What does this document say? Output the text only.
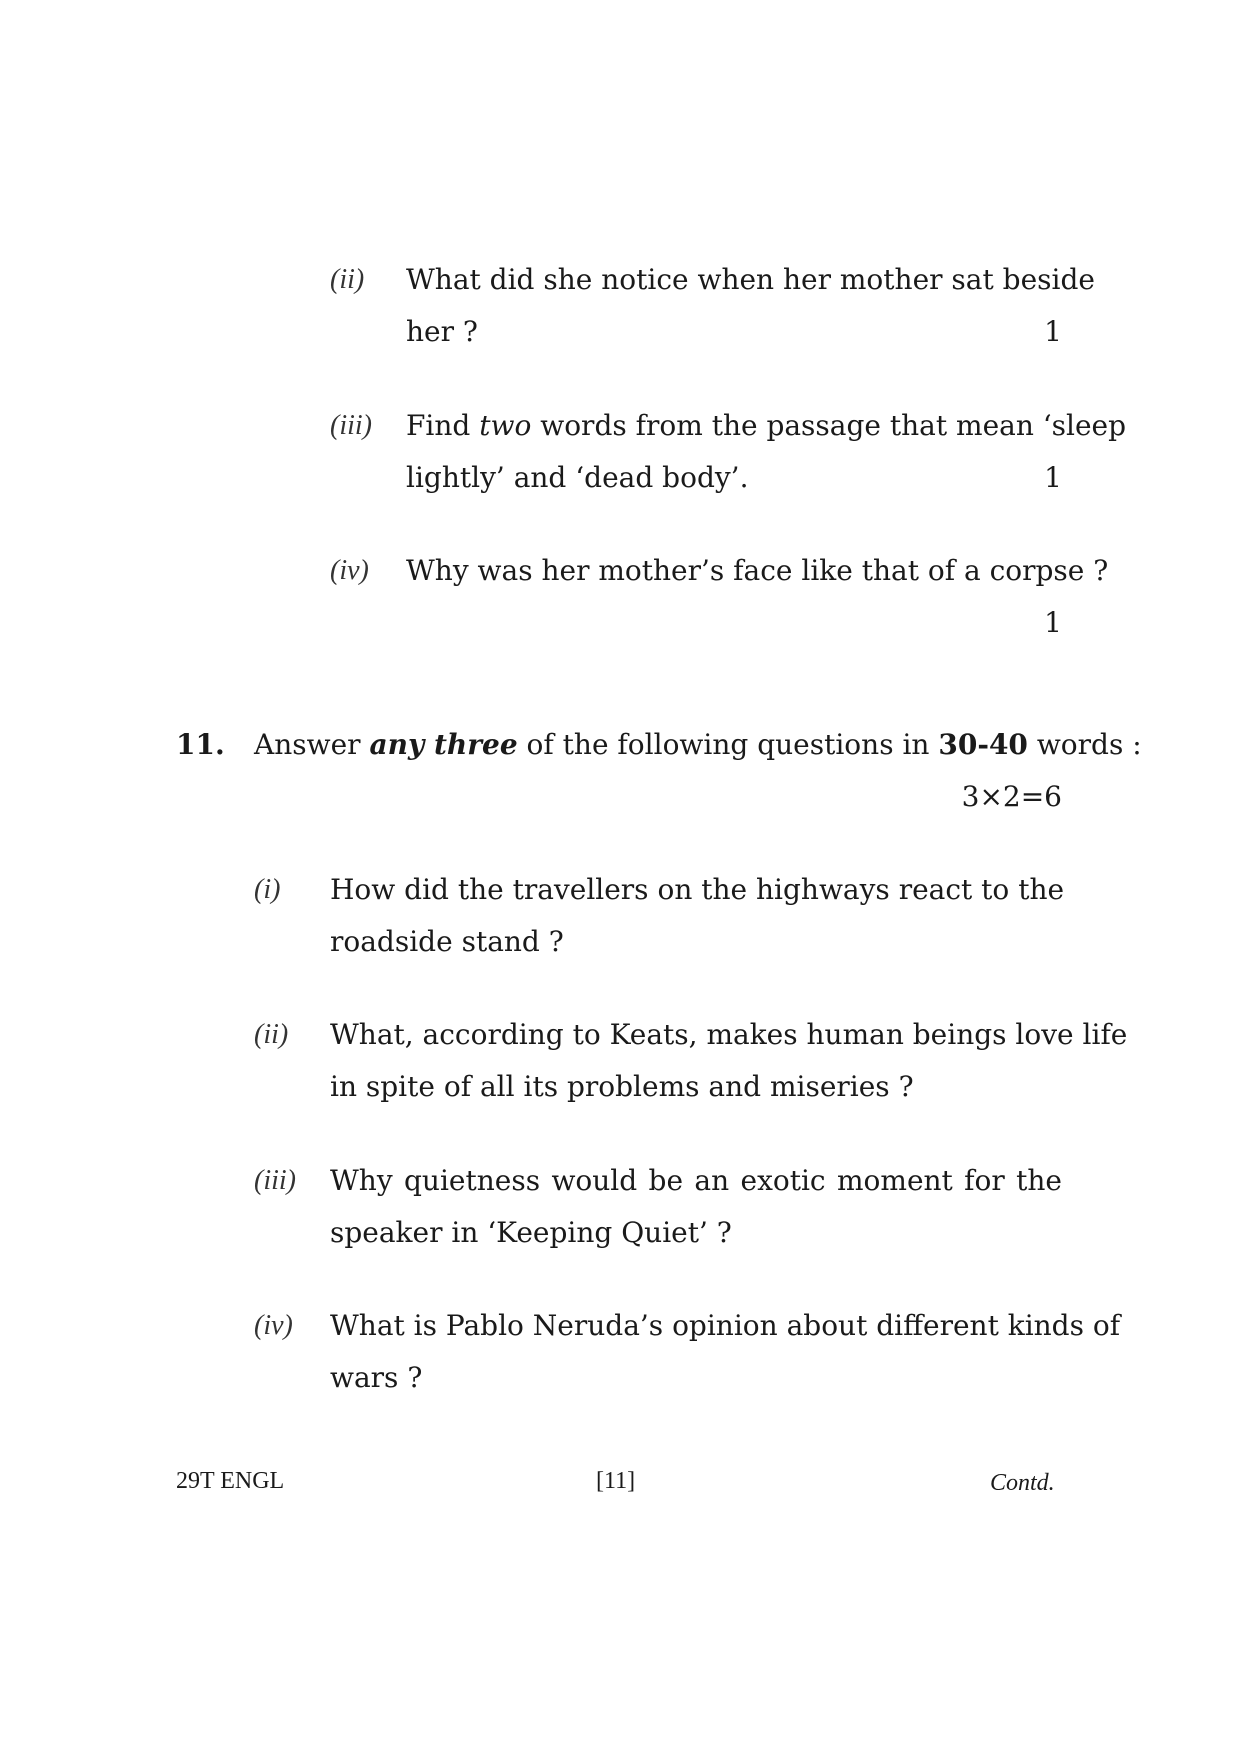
(ii) What did she notice when her mother sat beside
her ?	1
(iii) Find two words from the passage that mean ‘sleep
lightly’ and ‘dead body’.	1
(iv) Why was her mother’s face like that of a corpse ?
1
11. Answer any three of the following questions in 30-40 words :
3×2=6
(i) How did the travellers on the highways react to the
roadside stand ?
(ii) What, according to Keats, makes human beings love life
in spite of all its problems and miseries ?
(iii) Why quietness would be an exotic moment for the
speaker in ‘Keeping Quiet’ ?
(iv) What is Pablo Neruda’s opinion about different kinds of
wars ?
29T ENGL	[11]	Contd.
